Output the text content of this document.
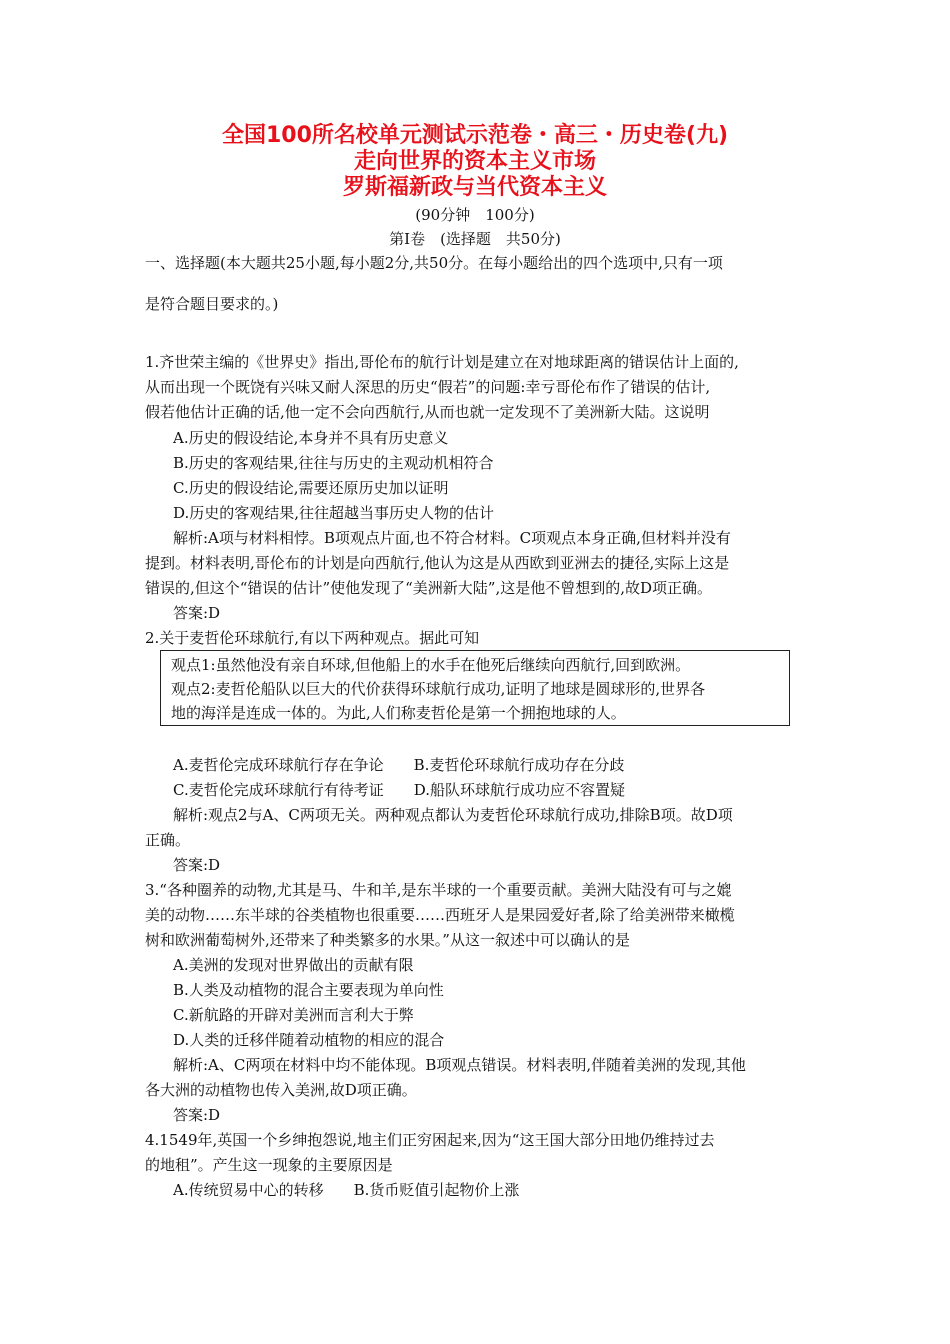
全国100所名校单元测试示范卷・高三・历史卷(九)
走向世界的资本主义市场
罗斯福新政与当代资本主义
(90分钟　100分)
第Ⅰ卷　(选择题　共50分)
一、选择题(本大题共25小题,每小题2分,共50分。在每小题给出的四个选项中,只有一项
是符合题目要求的。)
1.齐世荣主编的《世界史》指出,哥伦布的航行计划是建立在对地球距离的错误估计上面的,
从而出现一个既饶有兴味又耐人深思的历史“假若”的问题:幸亏哥伦布作了错误的估计,
假若他估计正确的话,他一定不会向西航行,从而也就一定发现不了美洲新大陆。这说明
A.历史的假设结论,本身并不具有历史意义
B.历史的客观结果,往往与历史的主观动机相符合
C.历史的假设结论,需要还原历史加以证明
D.历史的客观结果,往往超越当事历史人物的估计
解析:A项与材料相悖。B项观点片面,也不符合材料。C项观点本身正确,但材料并没有
提到。材料表明,哥伦布的计划是向西航行,他认为这是从西欧到亚洲去的捷径,实际上这是
错误的,但这个“错误的估计”使他发现了“美洲新大陆”,这是他不曾想到的,故D项正确。
答案:D
2.关于麦哲伦环球航行,有以下两种观点。据此可知
观点1:虽然他没有亲自环球,但他船上的水手在他死后继续向西航行,回到欧洲。
观点2:麦哲伦船队以巨大的代价获得环球航行成功,证明了地球是圆球形的,世界各
地的海洋是连成一体的。为此,人们称麦哲伦是第一个拥抱地球的人。
A.麦哲伦完成环球航行存在争论　　B.麦哲伦环球航行成功存在分歧
C.麦哲伦完成环球航行有待考证　　D.船队环球航行成功应不容置疑
解析:观点2与A、C两项无关。两种观点都认为麦哲伦环球航行成功,排除B项。故D项
正确。
答案:D
3.“各种圈养的动物,尤其是马、牛和羊,是东半球的一个重要贡献。美洲大陆没有可与之媲
美的动物……东半球的谷类植物也很重要……西班牙人是果园爱好者,除了给美洲带来橄榄
树和欧洲葡萄树外,还带来了种类繁多的水果。”从这一叙述中可以确认的是
A.美洲的发现对世界做出的贡献有限
B.人类及动植物的混合主要表现为单向性
C.新航路的开辟对美洲而言利大于弊
D.人类的迁移伴随着动植物的相应的混合
解析:A、C两项在材料中均不能体现。B项观点错误。材料表明,伴随着美洲的发现,其他
各大洲的动植物也传入美洲,故D项正确。
答案:D
4.1549年,英国一个乡绅抱怨说,地主们正穷困起来,因为“这王国大部分田地仍维持过去
的地租”。产生这一现象的主要原因是
A.传统贸易中心的转移　　B.货币贬值引起物价上涨
